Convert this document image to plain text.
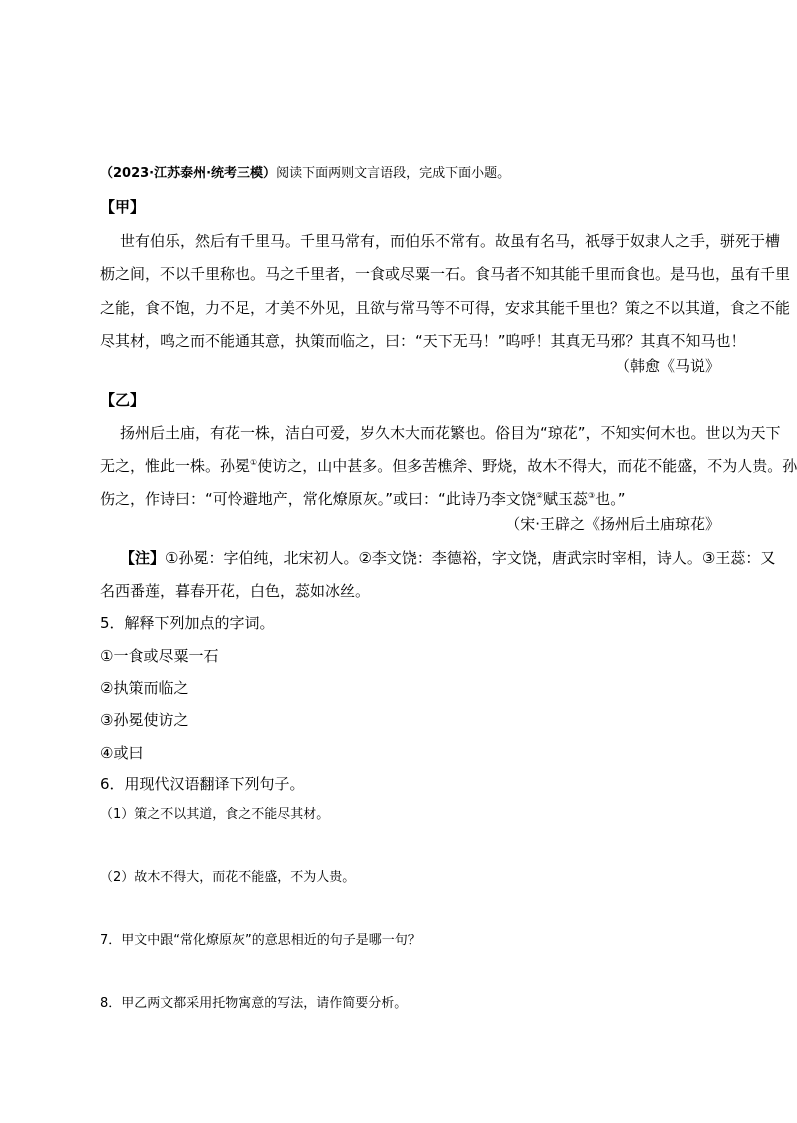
（2023·江苏泰州·统考三模）阅读下面两则文言语段，完成下面小题。
【甲】
世有伯乐，然后有千里马。千里马常有，而伯乐不常有。故虽有名马，祇辱于奴隶人之手，骈死于槽
枥之间，不以千里称也。马之千里者，一食或尽粟一石。食马者不知其能千里而食也。是马也，虽有千里
之能，食不饱，力不足，才美不外见，且欲与常马等不可得，安求其能千里也？策之不以其道，食之不能
尽其材，鸣之而不能通其意，执策而临之，曰：“天下无马！”呜呼！其真无马邪？其真不知马也！
（韩愈《马说》
【乙】
扬州后土庙，有花一株，洁白可爱，岁久木大而花繁也。俗目为“琼花”，不知实何木也。世以为天下
无之，惟此一株。孙冕①使访之，山中甚多。但多苦樵斧、野烧，故木不得大，而花不能盛，不为人贵。孙
伤之，作诗曰：“可怜避地产，常化燎原灰。”或曰：“此诗乃李文饶②赋玉蕊③也。”
（宋·王辟之《扬州后土庙琼花》
【注】①孙冕：字伯纯，北宋初人。②李文饶：李德裕，字文饶，唐武宗时宰相，诗人。③王蕊：又
名西番莲，暮春开花，白色，蕊如冰丝。
5．解释下列加点的字词。
①一食或尽粟一石
②执策而临之
③孙冕使访之
④或曰
6．用现代汉语翻译下列句子。
（1）策之不以其道，食之不能尽其材。
（2）故木不得大，而花不能盛，不为人贵。
7．甲文中跟“常化燎原灰”的意思相近的句子是哪一句？
8．甲乙两文都采用托物寓意的写法，请作简要分析。
